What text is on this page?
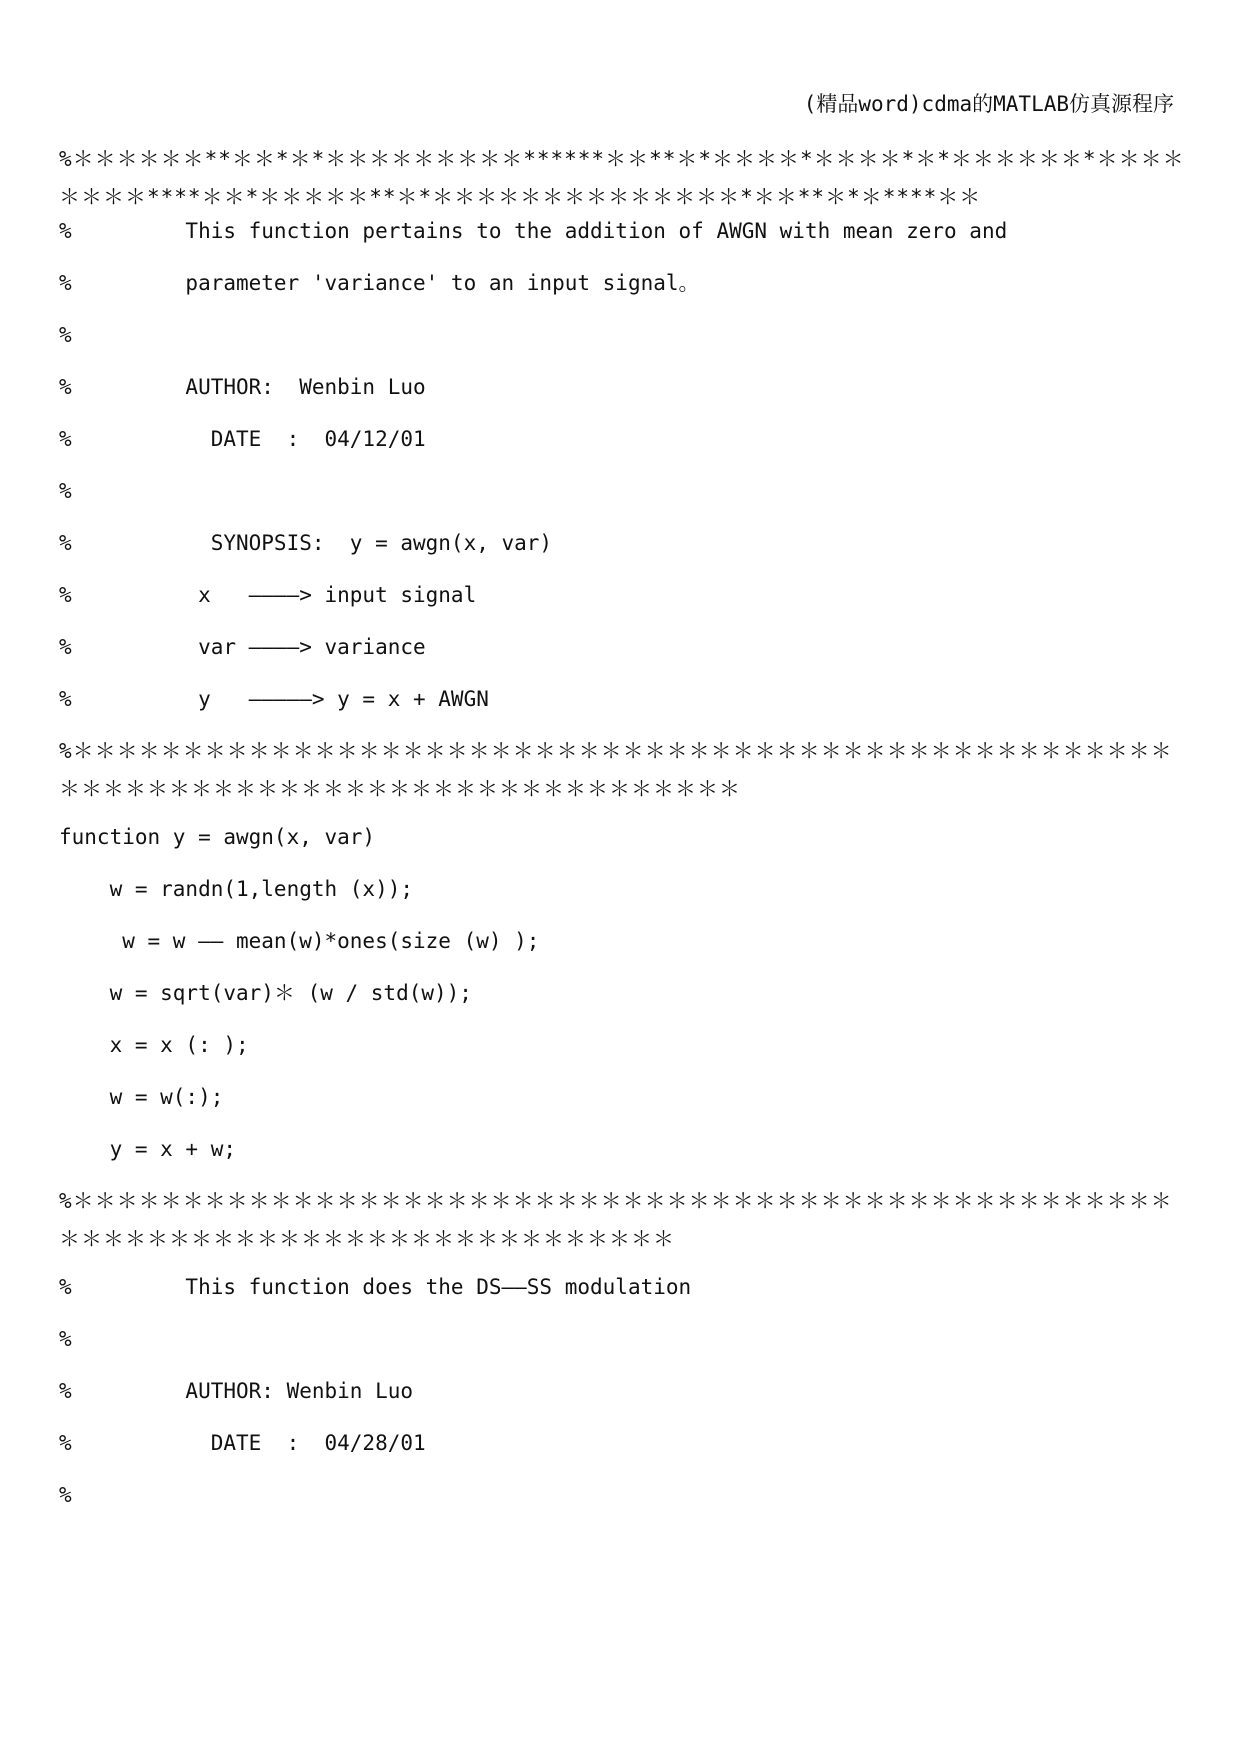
(精品word)cdma的MATLAB仿真源程序
%＊＊＊＊＊＊**＊＊*＊*＊＊＊＊＊＊＊＊＊******＊＊**＊*＊＊＊＊*＊＊＊＊*＊*＊＊＊＊＊＊*＊＊＊＊＊＊＊＊****＊＊*＊＊＊＊＊**＊*＊＊＊＊＊＊＊＊＊＊＊＊＊＊*＊＊**＊*＊****＊＊
%         This function pertains to the addition of AWGN with mean zero and
%         parameter 'variance' to an input signal。
%
%         AUTHOR:  Wenbin Luo
%           DATE  :  04/12/01
%
%           SYNOPSIS:  y = awgn(x, var)
%          x   ————> input signal
%          var ————> variance
%          y   —————> y = x + AWGN
%＊＊＊＊＊＊＊＊＊＊＊＊＊＊＊＊＊＊＊＊＊＊＊＊＊＊＊＊＊＊＊＊＊＊＊＊＊＊＊＊＊＊＊＊＊＊＊＊＊＊＊＊＊＊＊＊＊＊＊＊＊＊＊＊＊＊＊＊＊＊＊＊＊＊＊＊＊＊＊＊＊
function y = awgn(x, var)
w = randn(1,length (x));
w = w —— mean(w)*ones(size (w) );
w = sqrt(var)＊ (w / std(w));
x = x (: );
w = w(:);
y = x + w;
%＊＊＊＊＊＊＊＊＊＊＊＊＊＊＊＊＊＊＊＊＊＊＊＊＊＊＊＊＊＊＊＊＊＊＊＊＊＊＊＊＊＊＊＊＊＊＊＊＊＊＊＊＊＊＊＊＊＊＊＊＊＊＊＊＊＊＊＊＊＊＊＊＊＊＊＊＊＊
%         This function does the DS——SS modulation
%
%         AUTHOR: Wenbin Luo
%           DATE  :  04/28/01
%
